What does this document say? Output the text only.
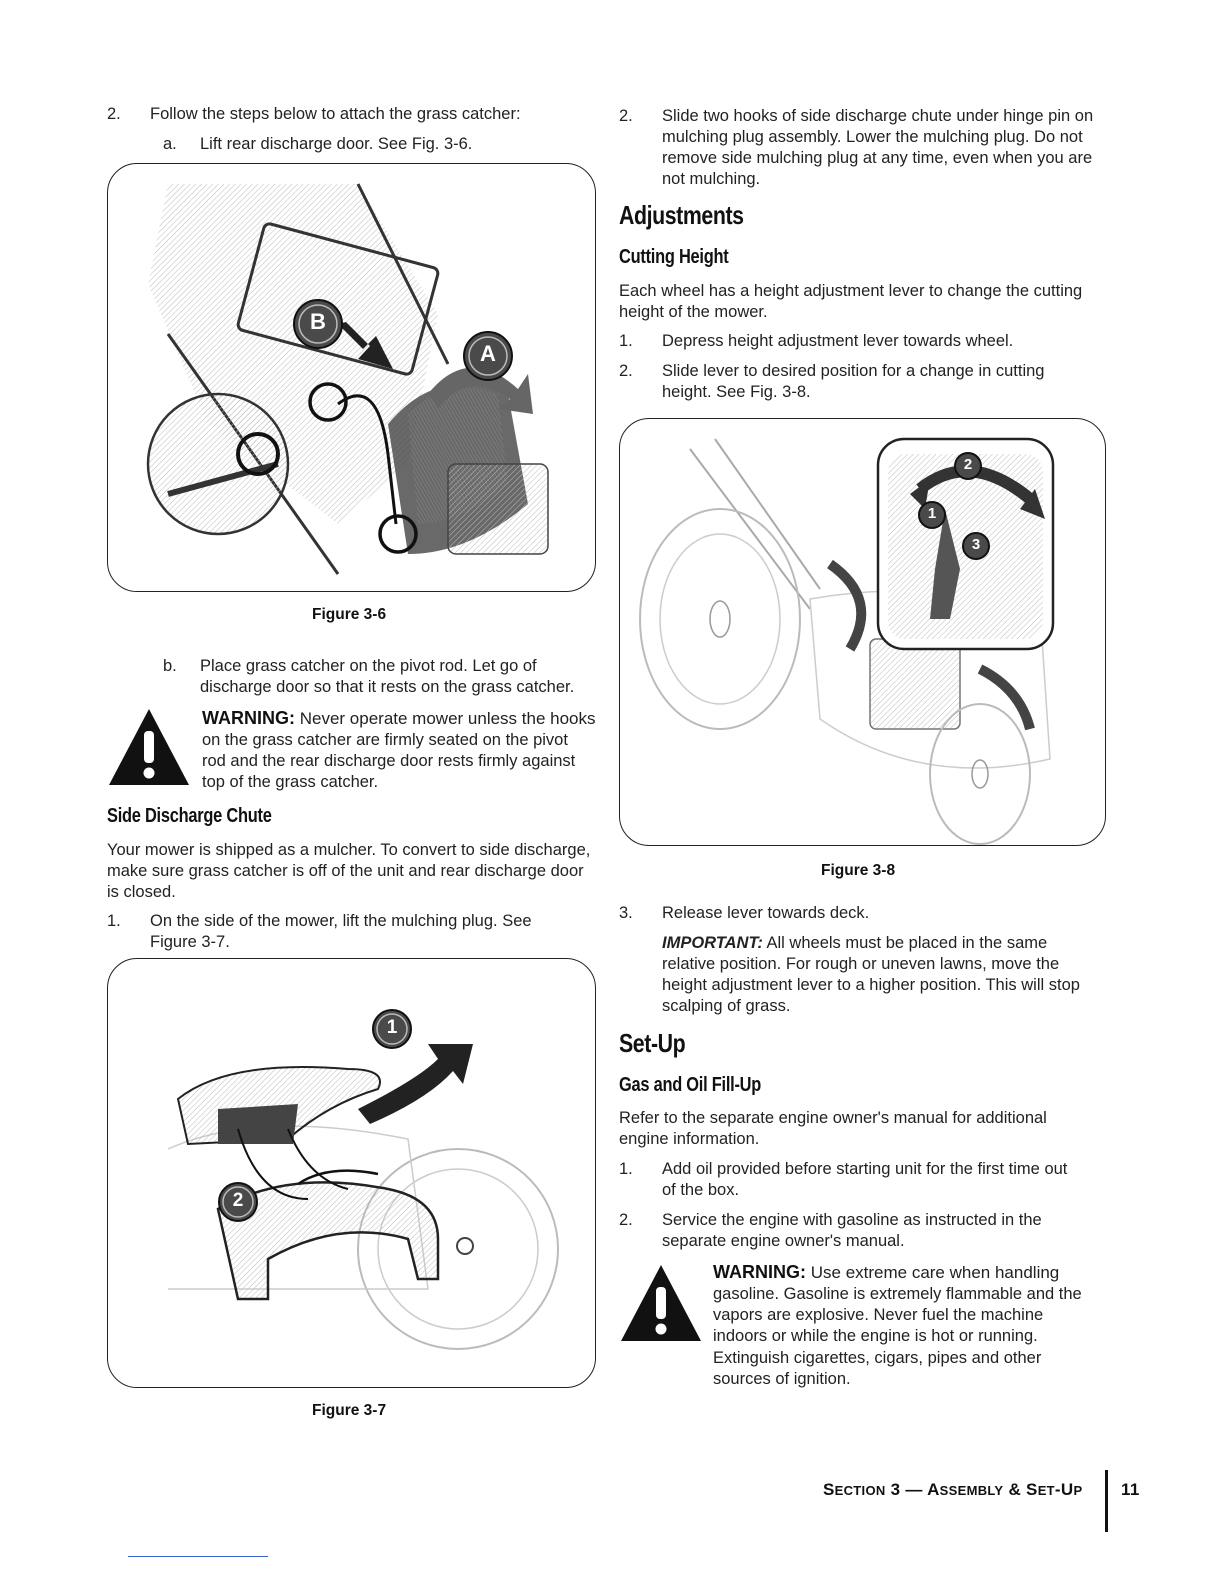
2. Follow the steps below to attach the grass catcher:
a. Lift rear discharge door. See Fig. 3-6.
B
A
Figure 3-6
b. Place grass catcher on the pivot rod. Let go of
discharge door so that it rests on the grass catcher.
WARNING: Never operate mower unless the hooks
on the grass catcher are firmly seated on the pivot
rod and the rear discharge door rests firmly against
top of the grass catcher.
Side Discharge Chute
Your mower is shipped as a mulcher. To convert to side discharge,
make sure grass catcher is off of the unit and rear discharge door
is closed.
1. On the side of the mower, lift the mulching plug. See
Figure 3-7.
1
2
Figure 3-7
2. Slide two hooks of side discharge chute under hinge pin on
mulching plug assembly. Lower the mulching plug. Do not
remove side mulching plug at any time, even when you are
not mulching.
Adjustments
Cutting Height
Each wheel has a height adjustment lever to change the cutting
height of the mower.
1. Depress height adjustment lever towards wheel.
2. Slide lever to desired position for a change in cutting
height. See Fig. 3-8.
2
1
3
Figure 3-8
3. Release lever towards deck.
IMPORTANT: All wheels must be placed in the same
relative position. For rough or uneven lawns, move the
height adjustment lever to a higher position. This will stop
scalping of grass.
Set-Up
Gas and Oil Fill-Up
Refer to the separate engine owner's manual for additional
engine information.
1. Add oil provided before starting unit for the first time out
of the box.
2. Service the engine with gasoline as instructed in the
separate engine owner's manual.
WARNING: Use extreme care when handling
gasoline. Gasoline is extremely flammable and the
vapors are explosive. Never fuel the machine
indoors or while the engine is hot or running.
Extinguish cigarettes, cigars, pipes and other
sources of ignition.
SECTION 3 — ASSEMBLY & SET-UP 11
